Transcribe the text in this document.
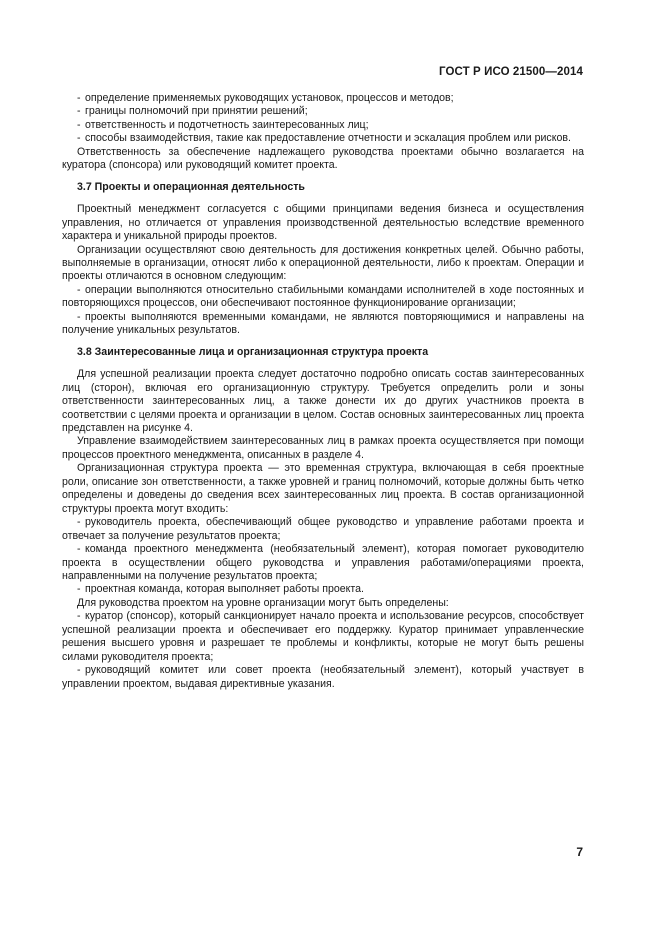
ГОСТ Р ИСО 21500—2014

- определение применяемых руководящих установок, процессов и методов;

- границы полномочий при принятии решений;

- ответственность и подотчетность заинтересованных лиц;

- способы взаимодействия, такие как предоставление отчетности и эскалация проблем или рисков.

Ответственность за обеспечение надлежащего руководства проектами обычно возлагается на куратора (спонсора) или руководящий комитет проекта.

3.7 Проекты и операционная деятельность

Проектный менеджмент согласуется с общими принципами ведения бизнеса и осуществления управления, но отличается от управления производственной деятельностью вследствие временного характера и уникальной природы проектов.

Организации осуществляют свою деятельность для достижения конкретных целей. Обычно работы, выполняемые в организации, относят либо к операционной деятельности, либо к проектам. Операции и проекты отличаются в основном следующим:

- операции выполняются относительно стабильными командами исполнителей в ходе постоянных и повторяющихся процессов, они обеспечивают постоянное функционирование организации;

- проекты выполняются временными командами, не являются повторяющимися и направлены на получение уникальных результатов.

3.8 Заинтересованные лица и организационная структура проекта

Для успешной реализации проекта следует достаточно подробно описать состав заинтересованных лиц (сторон), включая его организационную структуру. Требуется определить роли и зоны ответственности заинтересованных лиц, а также донести их до других участников проекта в соответствии с целями проекта и организации в целом. Состав основных заинтересованных лиц проекта представлен на рисунке 4.

Управление взаимодействием заинтересованных лиц в рамках проекта осуществляется при помощи процессов проектного менеджмента, описанных в разделе 4.

Организационная структура проекта — это временная структура, включающая в себя проектные роли, описание зон ответственности, а также уровней и границ полномочий, которые должны быть четко определены и доведены до сведения всех заинтересованных лиц проекта. В состав организационной структуры проекта могут входить:

- руководитель проекта, обеспечивающий общее руководство и управление работами проекта и отвечает за получение результатов проекта;

- команда проектного менеджмента (необязательный элемент), которая помогает руководителю проекта в осуществлении общего руководства и управления работами/операциями проекта, направленными на получение результатов проекта;

- проектная команда, которая выполняет работы проекта.

Для руководства проектом на уровне организации могут быть определены:

- куратор (спонсор), который санкционирует начало проекта и использование ресурсов, способствует успешной реализации проекта и обеспечивает его поддержку. Куратор принимает управленческие решения высшего уровня и разрешает те проблемы и конфликты, которые не могут быть решены силами руководителя проекта;

- руководящий комитет или совет проекта (необязательный элемент), который участвует в управлении проектом, выдавая директивные указания.

7
